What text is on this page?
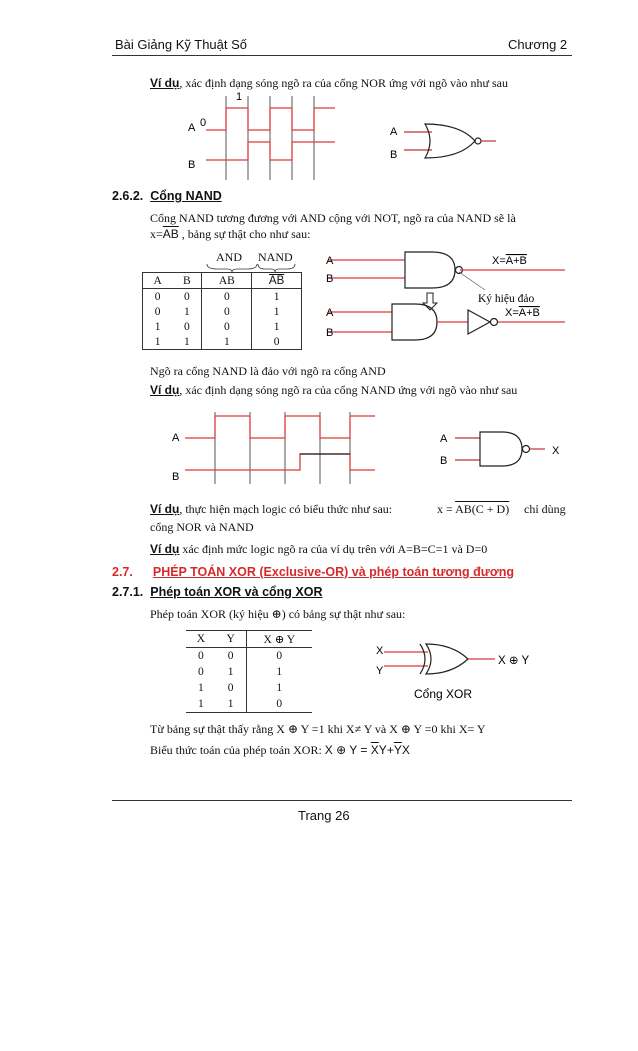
Bài Giảng Kỹ Thuật Số	Chương 2
Ví dụ, xác định dạng sóng ngõ ra của cổng NOR ứng với ngõ vào như sau
1
0
A
B
A
B
2.6.2. Cổng NAND
Cổng NAND tương đương với AND cộng với NOT, ngõ ra của NAND sẽ là
$x=\overline{AB}$ , bảng sự thật cho như sau:
AND NAND
A	B	AB	$\overline{AB}$
0	0	0	1
0	1	0	1
1	0	0	1
1	1	1	0
A
B
A
B
X=A+B
Ký hiệu đảo
X=A+B
Ngõ ra cổng NAND là đảo với ngõ ra cổng AND
Ví dụ, xác định dạng sóng ngõ ra của cổng NAND ứng với ngõ vào như sau
A
B
A
B
X
Ví dụ, thực hiện mạch logic có biểu thức như sau:	x = AB(C + D) chỉ dùng
cổng NOR và NAND
Ví dụ xác định mức logic ngõ ra của ví dụ trên với A=B=C=1 và D=0
2.7. PHÉP TOÁN XOR (Exclusive-OR) và phép toán tương đương
2.7.1. Phép toán XOR và cổng XOR
Phép toán XOR (ký hiệu ⊕) có bảng sự thật như sau:
X	Y	X ⊕ Y
0	0	0
0	1	1
1	0	1
1	1	0
X
Y
X ⊕ Y
Cổng XOR
Từ bảng sự thật thấy rằng X ⊕ Y =1 khi X≠ Y và X ⊕ Y =0 khi X= Y
Biểu thức toán của phép toán XOR: X ⊕ $Y = \overline{X}Y+\overline{Y}X$
Trang 26
